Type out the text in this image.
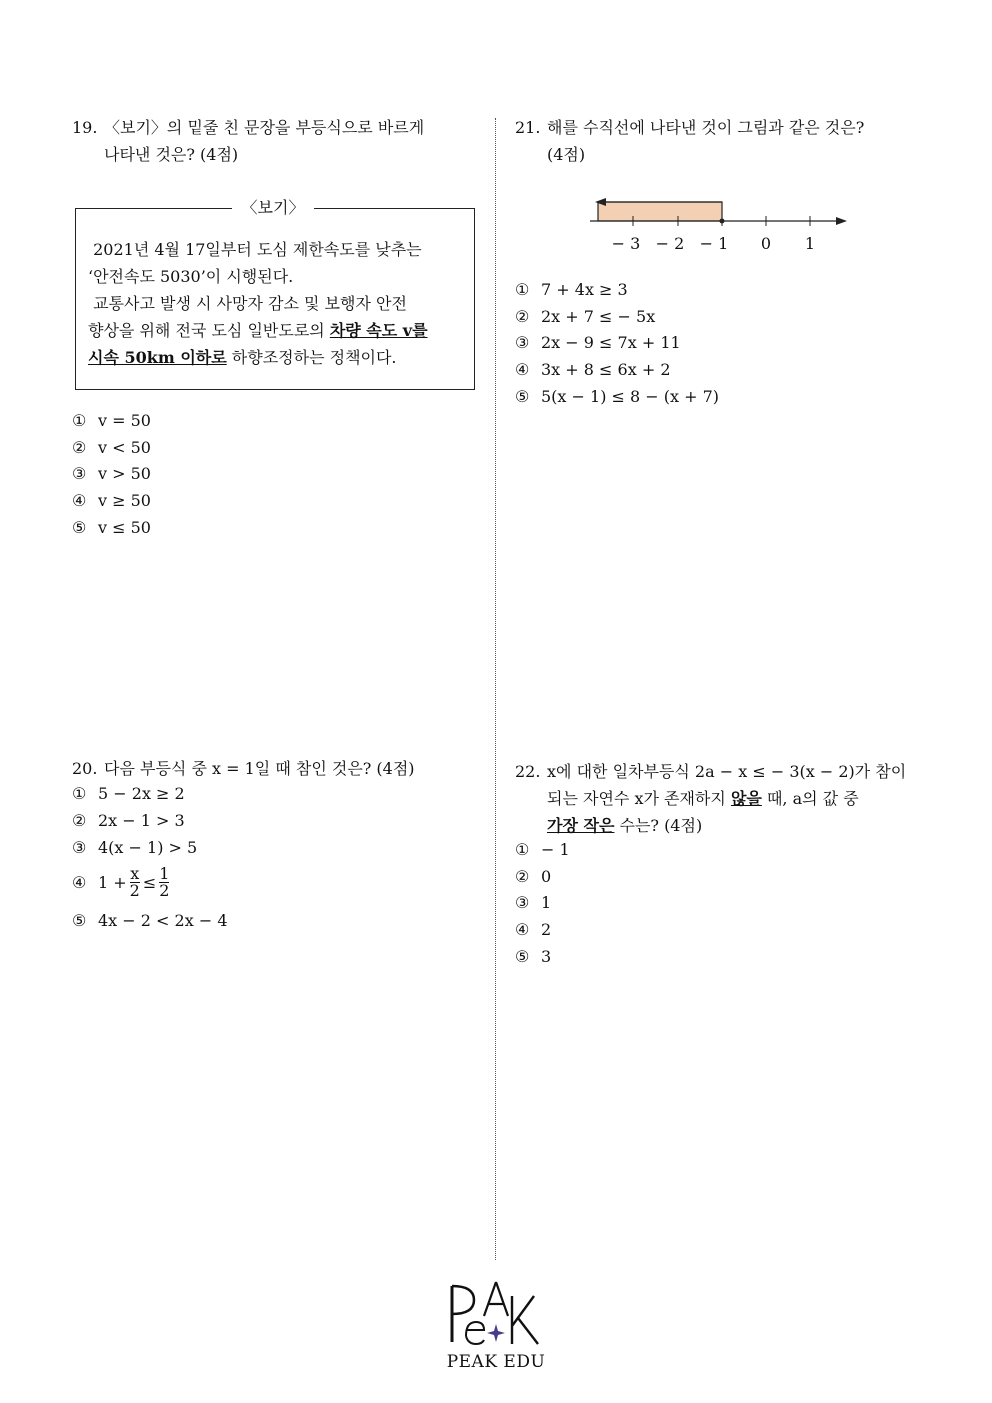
19. 〈보기〉의 밑줄 친 문장을 부등식으로 바르게
나타낸 것은? (4점)
〈보기〉
2021년 4월 17일부터 도심 제한속도를 낮추는
‘안전속도 5030’이 시행된다.
교통사고 발생 시 사망자 감소 및 보행자 안전
향상을 위해 전국 도심 일반도로의 차량 속도 v를
시속 50km 이하로 하향조정하는 정책이다.
① v = 50
② v < 50
③ v > 50
④ v ≥ 50
⑤ v ≤ 50
20. 다음 부등식 중 x = 1일 때 참인 것은? (4점)
① 5 − 2x ≥ 2
② 2x − 1 > 3
③ 4(x − 1) > 5
④ $1 + \frac{x}{2} \le \frac{1}{2}$
⑤ 4x − 2 < 2x − 4
21. 해를 수직선에 나타낸 것이 그림과 같은 것은?
(4점)
− 3 − 2 − 1 0 1
① 7 + 4x ≥ 3
② 2x + 7 ≤ − 5x
③ 2x − 9 ≤ 7x + 11
④ 3x + 8 ≤ 6x + 2
⑤ 5(x − 1) ≤ 8 − (x + 7)
22. x에 대한 일차부등식 2a − x ≤ − 3(x − 2)가 참이
되는 자연수 x가 존재하지 않을 때, a의 값 중
가장 작은 수는? (4점)
① − 1
② 0
③ 1
④ 2
⑤ 3
PEAK EDU
